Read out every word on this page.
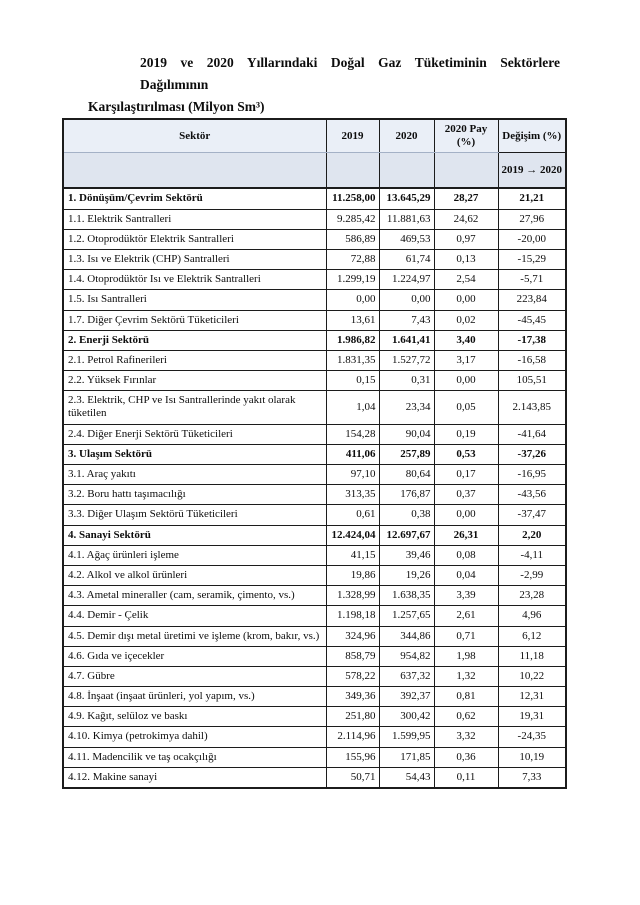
2019 ve 2020 Yıllarındaki Doğal Gaz Tüketiminin Sektörlere Dağılımının
Karşılaştırılması (Milyon Sm³)
Sektör	2019	2020	2020 Pay (%)	Değişim (%)
				2019 → 2020
1. Dönüşüm/Çevrim Sektörü	11.258,00	13.645,29	28,27	21,21
1.1. Elektrik Santralleri	9.285,42	11.881,63	24,62	27,96
1.2. Otoprodüktör Elektrik Santralleri	586,89	469,53	0,97	-20,00
1.3. Isı ve Elektrik (CHP) Santralleri	72,88	61,74	0,13	-15,29
1.4. Otoprodüktör Isı ve Elektrik Santralleri	1.299,19	1.224,97	2,54	-5,71
1.5. Isı Santralleri	0,00	0,00	0,00	223,84
1.7. Diğer Çevrim Sektörü Tüketicileri	13,61	7,43	0,02	-45,45
2. Enerji Sektörü	1.986,82	1.641,41	3,40	-17,38
2.1. Petrol Rafinerileri	1.831,35	1.527,72	3,17	-16,58
2.2. Yüksek Fırınlar	0,15	0,31	0,00	105,51
2.3. Elektrik, CHP ve Isı Santrallerinde yakıt olarak tüketilen	1,04	23,34	0,05	2.143,85
2.4. Diğer Enerji Sektörü Tüketicileri	154,28	90,04	0,19	-41,64
3. Ulaşım Sektörü	411,06	257,89	0,53	-37,26
3.1. Araç yakıtı	97,10	80,64	0,17	-16,95
3.2. Boru hattı taşımacılığı	313,35	176,87	0,37	-43,56
3.3. Diğer Ulaşım Sektörü Tüketicileri	0,61	0,38	0,00	-37,47
4. Sanayi Sektörü	12.424,04	12.697,67	26,31	2,20
4.1. Ağaç ürünleri işleme	41,15	39,46	0,08	-4,11
4.2. Alkol ve alkol ürünleri	19,86	19,26	0,04	-2,99
4.3. Ametal mineraller (cam, seramik, çimento, vs.)	1.328,99	1.638,35	3,39	23,28
4.4. Demir - Çelik	1.198,18	1.257,65	2,61	4,96
4.5. Demir dışı metal üretimi ve işleme (krom, bakır, vs.)	324,96	344,86	0,71	6,12
4.6. Gıda ve içecekler	858,79	954,82	1,98	11,18
4.7. Gübre	578,22	637,32	1,32	10,22
4.8. İnşaat (inşaat ürünleri, yol yapım, vs.)	349,36	392,37	0,81	12,31
4.9. Kağıt, selüloz ve baskı	251,80	300,42	0,62	19,31
4.10. Kimya (petrokimya dahil)	2.114,96	1.599,95	3,32	-24,35
4.11. Madencilik ve taş ocakçılığı	155,96	171,85	0,36	10,19
4.12. Makine sanayi	50,71	54,43	0,11	7,33
